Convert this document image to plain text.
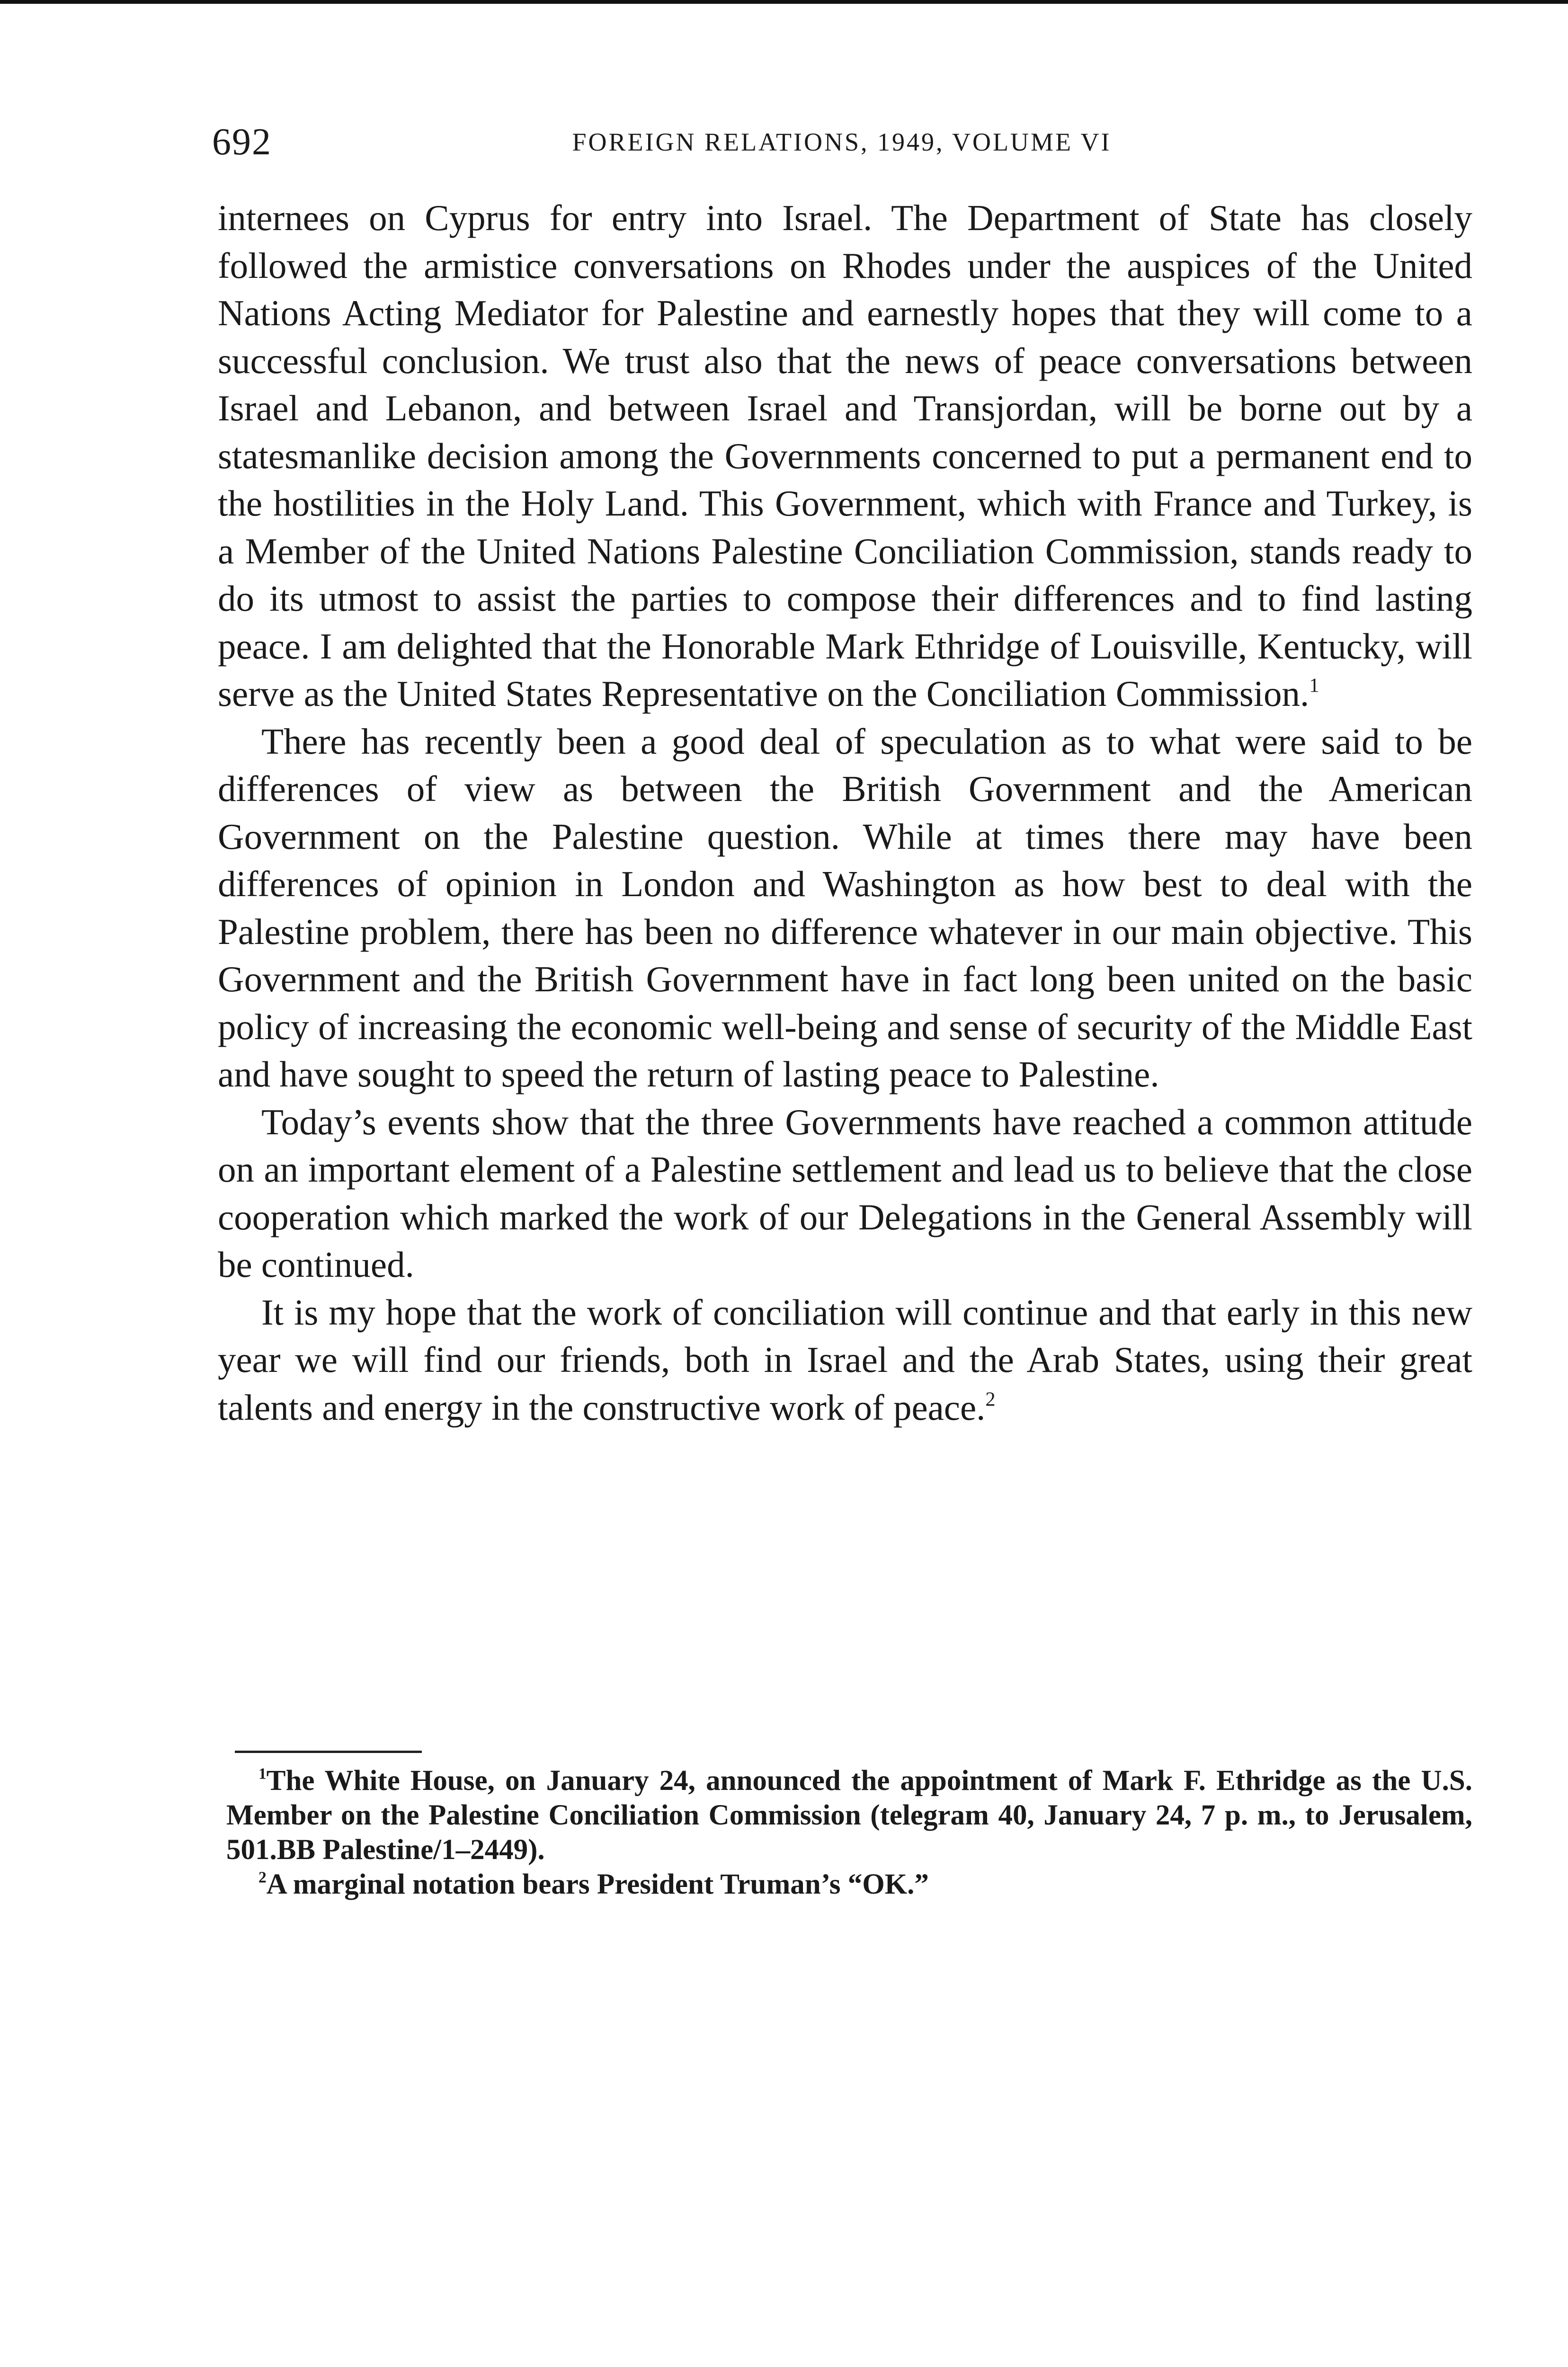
692	FOREIGN RELATIONS, 1949, VOLUME VI

internees on Cyprus for entry into Israel. The Department of State has closely followed the armistice conversations on Rhodes under the auspices of the United Nations Acting Mediator for Palestine and earnestly hopes that they will come to a successful conclusion. We trust also that the news of peace conversations between Israel and Lebanon, and between Israel and Transjordan, will be borne out by a statesmanlike decision among the Governments concerned to put a permanent end to the hostilities in the Holy Land. This Government, which with France and Turkey, is a Member of the United Nations Palestine Conciliation Commission, stands ready to do its utmost to assist the parties to compose their differences and to find lasting peace. I am delighted that the Honorable Mark Ethridge of Louisville, Kentucky, will serve as the United States Representative on the Conciliation Commission.$^1$

There has recently been a good deal of speculation as to what were said to be differences of view as between the British Government and the American Government on the Palestine question. While at times there may have been differences of opinion in London and Washington as how best to deal with the Palestine problem, there has been no difference whatever in our main objective. This Government and the British Government have in fact long been united on the basic policy of increasing the economic well-being and sense of security of the Middle East and have sought to speed the return of lasting peace to Palestine.

Today’s events show that the three Governments have reached a common attitude on an important element of a Palestine settlement and lead us to believe that the close cooperation which marked the work of our Delegations in the General Assembly will be continued.

It is my hope that the work of conciliation will continue and that early in this new year we will find our friends, both in Israel and the Arab States, using their great talents and energy in the constructive work of peace.$^2$

$^1$The White House, on January 24, announced the appointment of Mark F. Ethridge as the U.S. Member on the Palestine Conciliation Commission (telegram 40, January 24, 7 p. m., to Jerusalem, 501.BB Palestine/1–2449).

$^2$A marginal notation bears President Truman’s “OK.”
